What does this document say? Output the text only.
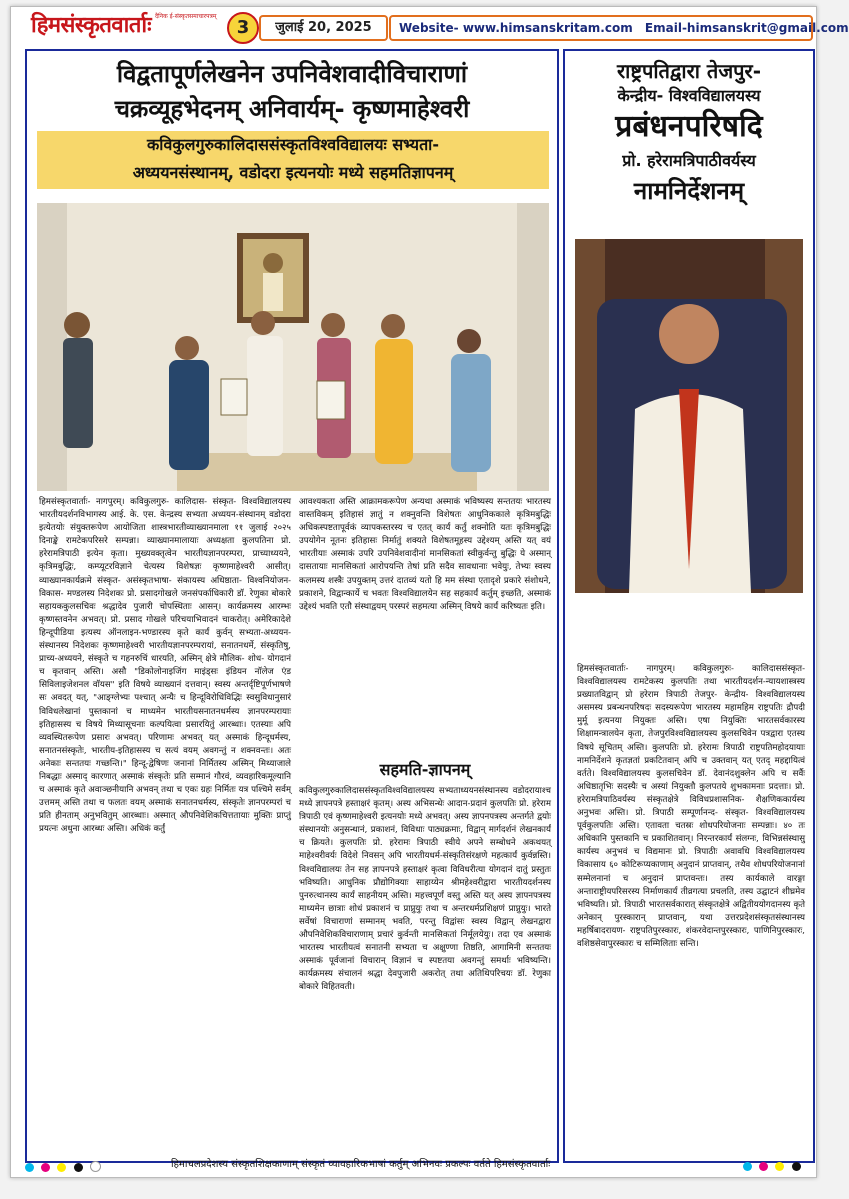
हिमसंस्कृतवार्ताः दैनिक ई-संस्कृतसमाचारपत्रम्
3	जुलाई 20, 2025	Website- www.himsanskritam.com Email-himsanskrit@gmail.com
विद्वतापूर्णलेखनेन उपनिवेशवादीविचाराणां
चक्रव्यूहभेदनम् अनिवार्यम्- कृष्णमाहेश्वरी
कविकुलगुरुकालिदाससंस्कृतविश्वविद्यालयः सभ्यता-
अध्ययनसंस्थानम्, वडोदरा इत्यनयोः मध्ये सहमतिज्ञापनम्
हिमसंस्कृतवार्ताः- नागपुरम्। कविकुलगुरु- कालिदास- संस्कृत- विश्वविद्यालयस्य भारतीयदर्शनविभागस्य आई. के. एस. केन्द्रस्य सभ्यता अध्ययन-संस्थानम् वडोदरा इत्येतयोः संयुक्तरूपेण आयोजिता शास्त्रभारतीव्याख्यानमाला ११ जुलाई २०२५ दिनाङ्के रामटेकपरिसरे सम्पन्ना। व्याख्यानमालायाः अध्यक्षता कुलपतिना प्रो. हरेरामत्रिपाठी इत्येन कृता। मुख्यवक्तृत्वेन भारतीयज्ञानपरम्परा, प्राच्याध्ययने, कृत्रिमबुद्धिः, कम्प्यूटरविज्ञाने चेत्यस्य विशेषज्ञः कृष्णमाहेश्वरी आसीत्। व्याख्यानकार्यक्रमे संस्कृत- असंस्कृतभाषा- संकायस्य अधिष्ठाता- विश्वनियोजन- विकास- मण्डलस्य निदेशकः प्रो. प्रसादगोखले जनसंपर्काधिकारी डॉ. रेणुका बोकारे सहायककुलसचिवः श्रद्धादेव पुजारी चोपस्थिताः आसन्। कार्यक्रमस्य आरम्भः कृष्णस्तवनेन अभवत्। प्रो. प्रसाद गोखले परिचयाभिवादनं चाकरोत्। अमेरिकादेशे हिन्दूपीडिया इत्यस्य ऑनलाइन-भण्डारस्य कृते कार्यं कुर्वन् सभ्यता-अध्ययन-संस्थानस्य निदेशकः कृष्णमाहेश्वरी भारतीयज्ञानपरम्परायां, सनातनधर्मे, संस्कृतिषु, प्राच्य-अध्ययने, संस्कृते च गहनरुचिं धारयति, अस्मिन् क्षेत्रे मौलिक- शोध- योगदानं च कृतवान् अस्ति। असौ "डिकोलोनाइजिंग माइंड्सः इंडियन नॉलेज एंड सिविलाइजेशनल वॉयस" इति विषये व्याख्यानं दत्तवान्। स्वस्य अन्तर्दृष्टिपूर्णभाषणे सः अवदत् यत्, "आङ्ग्लेभ्यः पश्चात् अन्यैः च हिन्दूविरोधिविद्भिः स्वसुविधानुसारं विविधलेखानां पुस्तकानां च माध्यमेन भारतीयसनातनधर्मस्य ज्ञानपरम्परायाः इतिहासस्य च विषये मिथ्यासूचनाः कल्पयित्वा प्रसारयितुं आरब्धाः। एतस्याः अपि व्यवस्थितरूपेण प्रसारः अभवत्। परिणामः अभवत् यत् अस्माकं हिन्दूधर्मस्य, सनातनसंस्कृतेः, भारतीय-इतिहासस्य च सत्यं वयम् अवगन्तुं न शक्नवन्तः। अतः अनेकाः सन्ततयः गच्छन्ति।" हिन्दू-द्वेषिणः जनानां निर्मितस्य अस्मिन् मिथ्याजाले निबद्धाः अस्माद् कारणात् अस्माकं संस्कृतेः प्रति सम्मानं गौरवं, व्यवहारिकमूल्यानि च अस्माकं कृते अवाञ्छनीयानि अभवन् तथा च एकः ग्रहः निर्मितः यत्र पश्चिमे सर्वम् उत्तमम् अस्ति तथा च फलतः वयम् अस्माकं सनातनधर्मस्य, संस्कृतेः ज्ञानपरम्परां च प्रति हीनताम् अनुभवितुम् आरब्धाः। अस्मात् औपनिवेशिकचित्ततायाः मुक्तिः प्राप्तुं प्रयत्नः अधुना आरब्धः अस्ति। अधिकं कर्तुं
आवश्यकता अस्ति आक्रामकरूपेण अन्यथा अस्माकं भविष्यस्य सन्ततयः भारतस्य वास्तविकम् इतिहासं ज्ञातुं न शक्नुवन्ति विशेषतः आधुनिककाले कृत्रिमबुद्धिः अधिकस्पष्टतापूर्वकं व्यापकस्तरस्य च एतत् कार्यं कर्तुं शक्नोति यतः कृत्रिमबुद्धिः उपयोगेन नूतनः इतिहासः निर्मातुं शक्यते विशेषतमूहस्य उद्देश्यम् अस्ति यत् वयं भारतीयाः अस्माकं उपरि उपनिवेशवादीनां मानसिकतां स्वीकुर्वन्तु बुद्धिः ये अस्मान् दासतायाः मानसिकतां आरोपयन्ति तेषां प्रति सदैव सावधानाः भवेयुः, तेभ्यः स्वस्य कलमस्य शस्त्रैः उपयुक्तम् उत्तरं दातव्यं यतो हि मम संस्था एतादृशे प्रकारे संशोधने, प्रकाशने, विद्वान्कार्ये च भवतः विश्वविद्यालयेन सह सहकार्यं कर्तुम् इच्छति, अस्माकं उद्देश्यं भवति एतौ संस्थाद्वयम् परस्परं सहमत्या अस्मिन् विषये कार्यं करिष्यतः इति।
सहमति-ज्ञापनम्
कविकुलगुरुकालिदाससंस्कृतविश्वविद्यालयस्य सभ्यताध्ययनसंस्थानस्य वडोदरायाश्च मध्ये ज्ञापनपत्रे हस्ताक्षरं कृतम्। अस्य अभिसन्धेः आदान-प्रदानं कुलपतिः प्रो. हरेराम त्रिपाठी एवं कृष्णमाहेश्वरी इत्यनयोः मध्ये अभवत्। अस्य ज्ञापनपत्रस्य अन्तर्गते द्वयोः संस्थानयोः अनुसन्धानं, प्रकाशनं, विविधाः पाठ्यक्रमाः, विद्वान् मार्गदर्शनं लेखनकार्यं च क्रियते। कुलपतिः प्रो. हरेरामः त्रिपाठी स्वीये अपने सम्बोधने अकथयत् माहेश्वरीवर्यः विदेशे निवसन् अपि भारतीयधर्म-संस्कृतिसंरक्षणे महत्कार्यं कुर्वन्नस्ति। विश्वविद्यालयः तेन सह ज्ञापनपत्रे हस्ताक्षरं कृत्वा विविधरीत्या योगदानं दातुं प्रस्तुतः भविष्यति। आधुनिक प्रौद्योगिक्याः साहाय्येन श्रीमहेश्वरीद्वारा भारतीयदर्शनस्य पुनरुत्थानस्य कार्यं साहनीयम् अस्ति। महत्त्वपूर्णं वस्तु अस्ति यत् अस्य ज्ञापनपत्रस्य माध्यमेन छात्राः शोधं प्रकाशनं च प्राप्नुयुः तथा च अन्तरधर्मप्रशिक्षणं प्राप्नुयुः। भारते सर्वेषां विचाराणां सम्मानम् भवति, परन्तु विद्वांसः स्वस्य विद्वान् लेखनद्वारा औपनिवेशिकविचाराणाम् प्रचारं कुर्वन्ती मानसिकतां निर्मूलयेयुः। तदा एव अस्माकं भारतस्य भारतीयत्वं सनातनी सभ्यता च अक्षुण्णा तिष्ठति, आगामिनी सन्ततयः अस्माकं पूर्वजानां विचारान् विज्ञानं च स्पष्टतया अवगन्तुं समर्थाः भविष्यन्ति। कार्यक्रमस्य संचालनं श्रद्धा देवपुजारी अकरोत् तथा अतिथिपरिचयः डॉ. रेणुका बोकारे विहितवती।
राष्ट्रपतिद्वारा तेजपुर-
केन्द्रीय- विश्वविद्यालयस्य
प्रबंधनपरिषदि
प्रो. हरेरामत्रिपाठीवर्यस्य
नामनिर्देशनम्
हिमसंस्कृतवार्ताः- नागपुरम्। कविकुलगुरुः- कालिदाससंस्कृत- विश्वविद्यालयस्य रामटेकस्य कुलपतिः तथा भारतीयदर्शन-न्यायशास्त्रस्य प्रख्यातविद्वान् प्रो हरेराम त्रिपाठी तेजपुर- केन्द्रीय- विश्वविद्यालयस्य असमस्य प्रबन्धनपरिषदः सदस्यरूपेण भारतस्य महामहिम राष्ट्रपतिः द्रौपदी मुर्मू इत्यनया नियुक्तः अस्ति। एषा नियुक्तिः भारतसर्वकारस्य शिक्षामन्त्रालयेन कृता, तेजपुरविश्वविद्यालयस्य कुलसचिवेन पत्रद्वारा एतस्य विषये सूचितम् अस्ति। कुलपतिः प्रो. हरेरामः त्रिपाठी राष्ट्रपतिमहोदयायाः नामनिर्देशने कृतज्ञतां प्रकटितवान् अपि च उक्तवान् यत् एतद् महद्दायित्वं वर्तते। विश्वविद्यालयस्य कुलसचिवेन डॉ. देवानंदशुक्लेन अपि च सर्वैः अधिष्ठातृभिः सदस्यैः च अस्यां नियुक्तौ कुलपतये शुभकामनाः प्रदत्ताः। प्रो. हरेरामत्रिपाठिवर्यस्य संस्कृतक्षेत्रे विविधप्रशासनिक- शैक्षणिककार्यस्य अनुभवः अस्ति। प्रो. त्रिपाठी सम्पूर्णानन्द- संस्कृत- विश्वविद्यालयस्य पूर्वकुलपतिः अस्ति। एतावता चतस्रः शोधपरियोजनाः सम्पन्नाः। ४० तः अधिकानि पुस्तकानि च प्रकाशितवान्। निरन्तरकार्यं संलग्नः, विभिन्नसंस्थासु कार्यस्य अनुभवं च विद्यमानः प्रो. त्रिपाठीः अवावधि विश्वविद्यालयस्य विकासाय ६० कोटिरूप्यकाणाम् अनुदानं प्राप्तवान्, तथैव शोधपरियोजनानां सम्मेलनानां च अनुदानं प्राप्तवन्तः। तस्य कार्यकाले वारङ्गा अन्ताराष्ट्रीयपरिसरस्य निर्माणकार्यं तीव्रगत्या प्रचलति, तस्य उद्घाटनं शीघ्रमेव भविष्यति। प्रो. त्रिपाठी भारतसर्वकारात् संस्कृतक्षेत्रे अद्वितीययोगदानस्य कृते अनेकान् पुरस्कारान् प्राप्तवान्, यथा उत्तरप्रदेशसंस्कृतसंस्थानस्य महर्षिबादरायण- राष्ट्रपतिपुरस्कारः, शंकरवेदान्तपुरस्कारः, पाणिनिपुरस्कारः, वशिष्ठसेवापुरस्कारः च सम्मिलिताः सन्ति।

हिमाचलप्रदेशस्य संस्कृतशिक्षकाणाम् संस्कृतं व्यावहारिकभाषां कर्तुम् अभिनवः प्रकल्पः वर्तते हिमसंस्कृतवार्ताः
